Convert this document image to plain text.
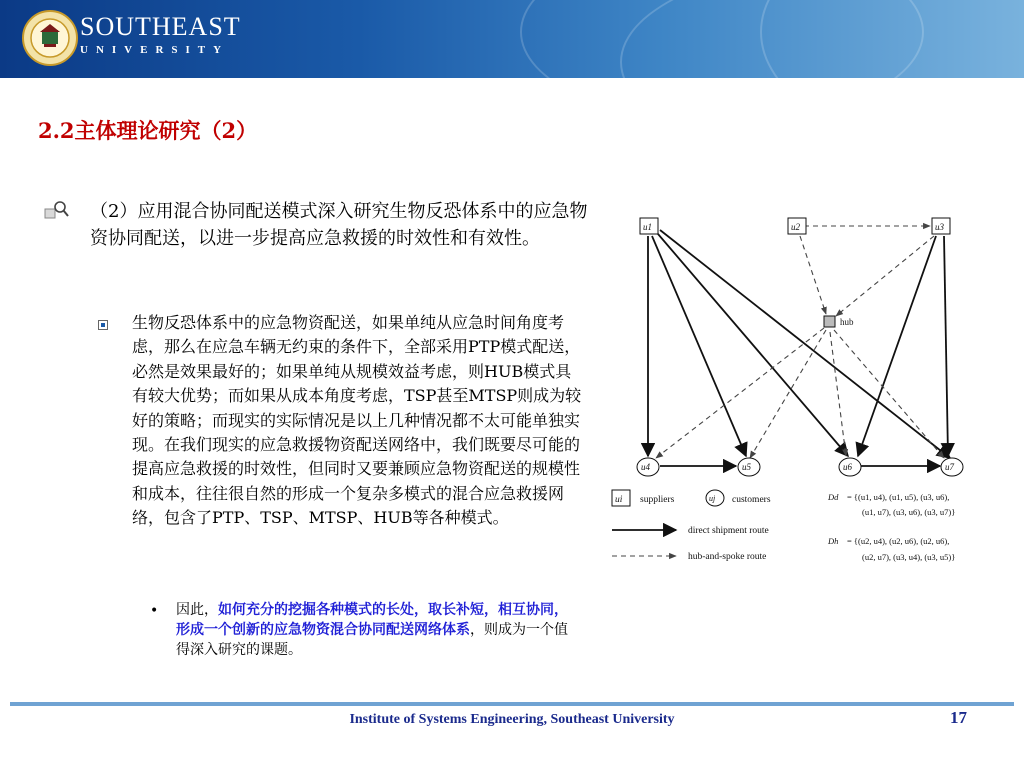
SOUTHEAST
UNIVERSITY
2.2主体理论研究（2）
（2）应用混合协同配送模式深入研究生物反恐体系中的应急物资协同配送，以进一步提高应急救援的时效性和有效性。
生物反恐体系中的应急物资配送，如果单纯从应急时间角度考虑，那么在应急车辆无约束的条件下，全部采用PTP模式配送，必然是效果最好的；如果单纯从规模效益考虑，则HUB模式具有较大优势；而如果从成本角度考虑，TSP甚至MTSP则成为较好的策略；而现实的实际情况是以上几种情况都不太可能单独实现。在我们现实的应急救援物资配送网络中，我们既要尽可能的提高应急救援的时效性，但同时又要兼顾应急物资配送的规模性和成本，往往很自然的形成一个复杂多模式的混合应急救援网络，包含了PTP、TSP、MTSP、HUB等各种模式。
• 因此，如何充分的挖掘各种模式的长处，取长补短，相互协同，形成一个创新的应急物资混合协同配送网络体系，则成为一个值得深入研究的课题。
u1	u2	u3
u4	u5	u6	u7
hub
ui suppliers	uj customers
direct shipment route
hub-and-spoke route
Dd = {(u1, u4), (u1, u5), (u3, u6),
(u1, u7), (u3, u6), (u3, u7)}
Dh = {(u2, u4), (u2, u6), (u2, u6),
(u2, u7), (u3, u4), (u3, u5)}
Institute of Systems Engineering, Southeast University	17
